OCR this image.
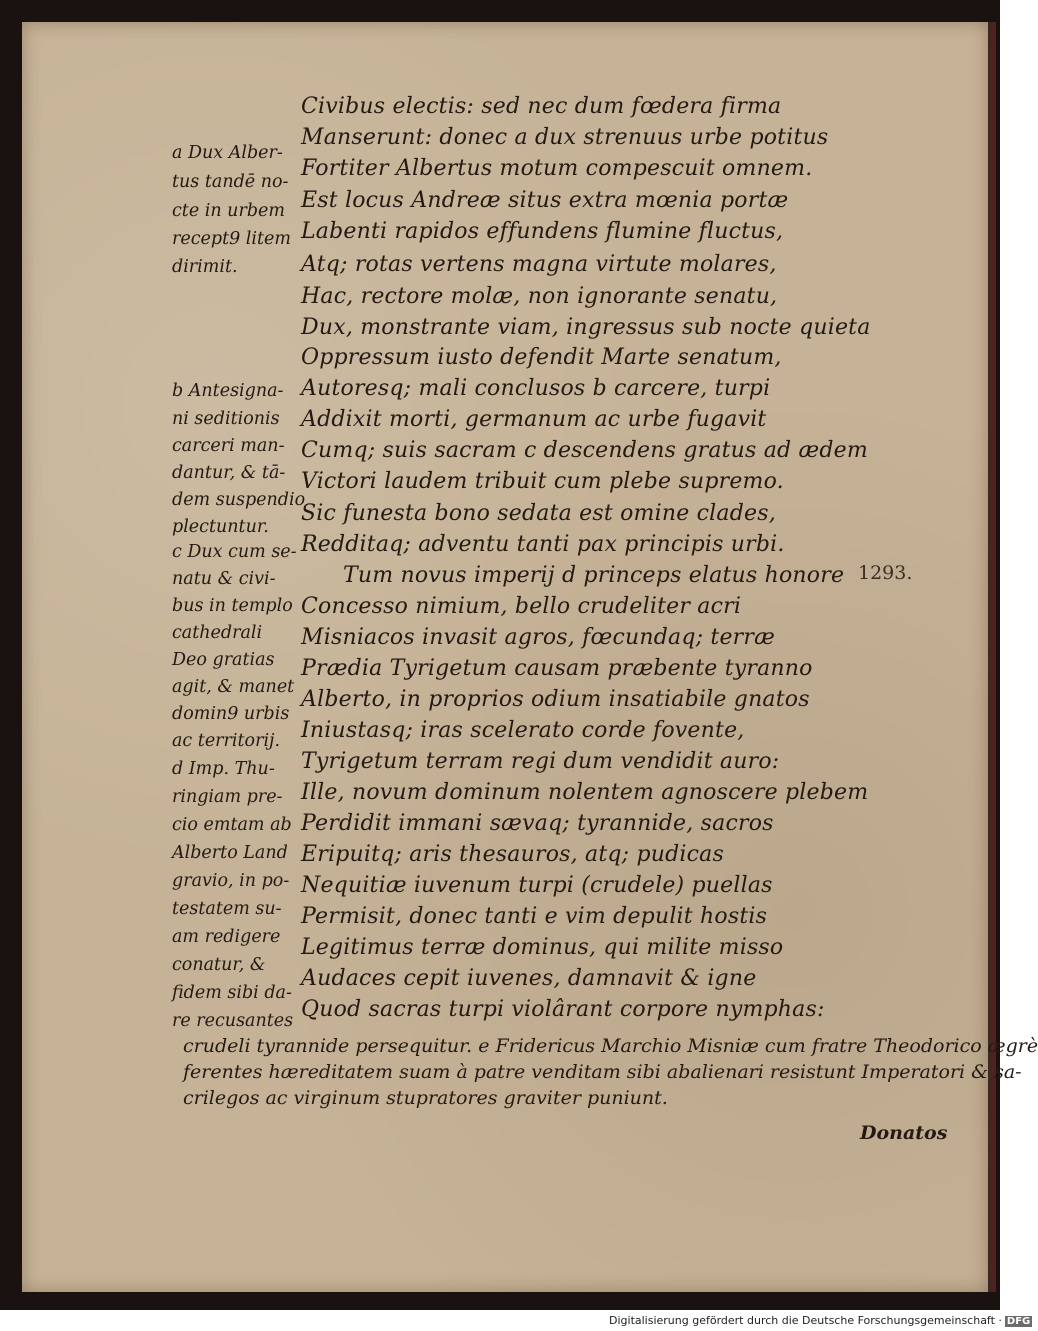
Civibus electis: sed nec dum fœdera firma
Manserunt: donec a dux strenuus urbe potitus
Fortiter Albertus motum compescuit omnem.
Est locus Andreæ situs extra mœnia portæ
Labenti rapidos effundens flumine fluctus,
Atq; rotas vertens magna virtute molares,
Hac, rectore molæ, non ignorante senatu,
Dux, monstrante viam, ingressus sub nocte quieta
Oppressum iusto defendit Marte senatum,
Autoresq; mali conclusos b carcere, turpi
Addixit morti, germanum ac urbe fugavit
Cumq; suis sacram c descendens gratus ad ædem
Victori laudem tribuit cum plebe supremo.
Sic funesta bono sedata est omine clades,
Redditaq; adventu tanti pax principis urbi.
Tum novus imperij d princeps elatus honore
Concesso nimium, bello crudeliter acri
Misniacos invasit agros, fœcundaq; terræ
Prædia Tyrigetum causam præbente tyranno
Alberto, in proprios odium insatiabile gnatos
Iniustasq; iras scelerato corde fovente,
Tyrigetum terram regi dum vendidit auro:
Ille, novum dominum nolentem agnoscere plebem
Perdidit immani sævaq; tyrannide, sacros
Eripuitq; aris thesauros, atq; pudicas
Nequitiæ iuvenum turpi (crudele) puellas
Permisit, donec tanti e vim depulit hostis
Legitimus terræ dominus, qui milite misso
Audaces cepit iuvenes, damnavit & igne
Quod sacras turpi violârant corpore nymphas:
a Dux Alber-
tus tandē no-
cte in urbem
recept9 litem
dirimit.
b Antesigna-
ni seditionis
carceri man-
dantur, & tā-
dem suspendio
plectuntur.
c Dux cum se-
natu & civi-
bus in templo
cathedrali
Deo gratias
agit, & manet
domin9 urbis
ac territorij.
d Imp. Thu-
ringiam pre-
cio emtam ab
Alberto Land
gravio, in po-
testatem su-
am redigere
conatur, &
fidem sibi da-
re recusantes
crudeli tyrannide persequitur. e Fridericus Marchio Misniæ cum fratre Theodorico ægrè
ferentes hæreditatem suam à patre venditam sibi abalienari resistunt Imperatori & sa-
crilegos ac virginum stupratores graviter puniunt.
1293.
Donatos
Digitalisierung gefördert durch die Deutsche Forschungsgemeinschaft · DFG
